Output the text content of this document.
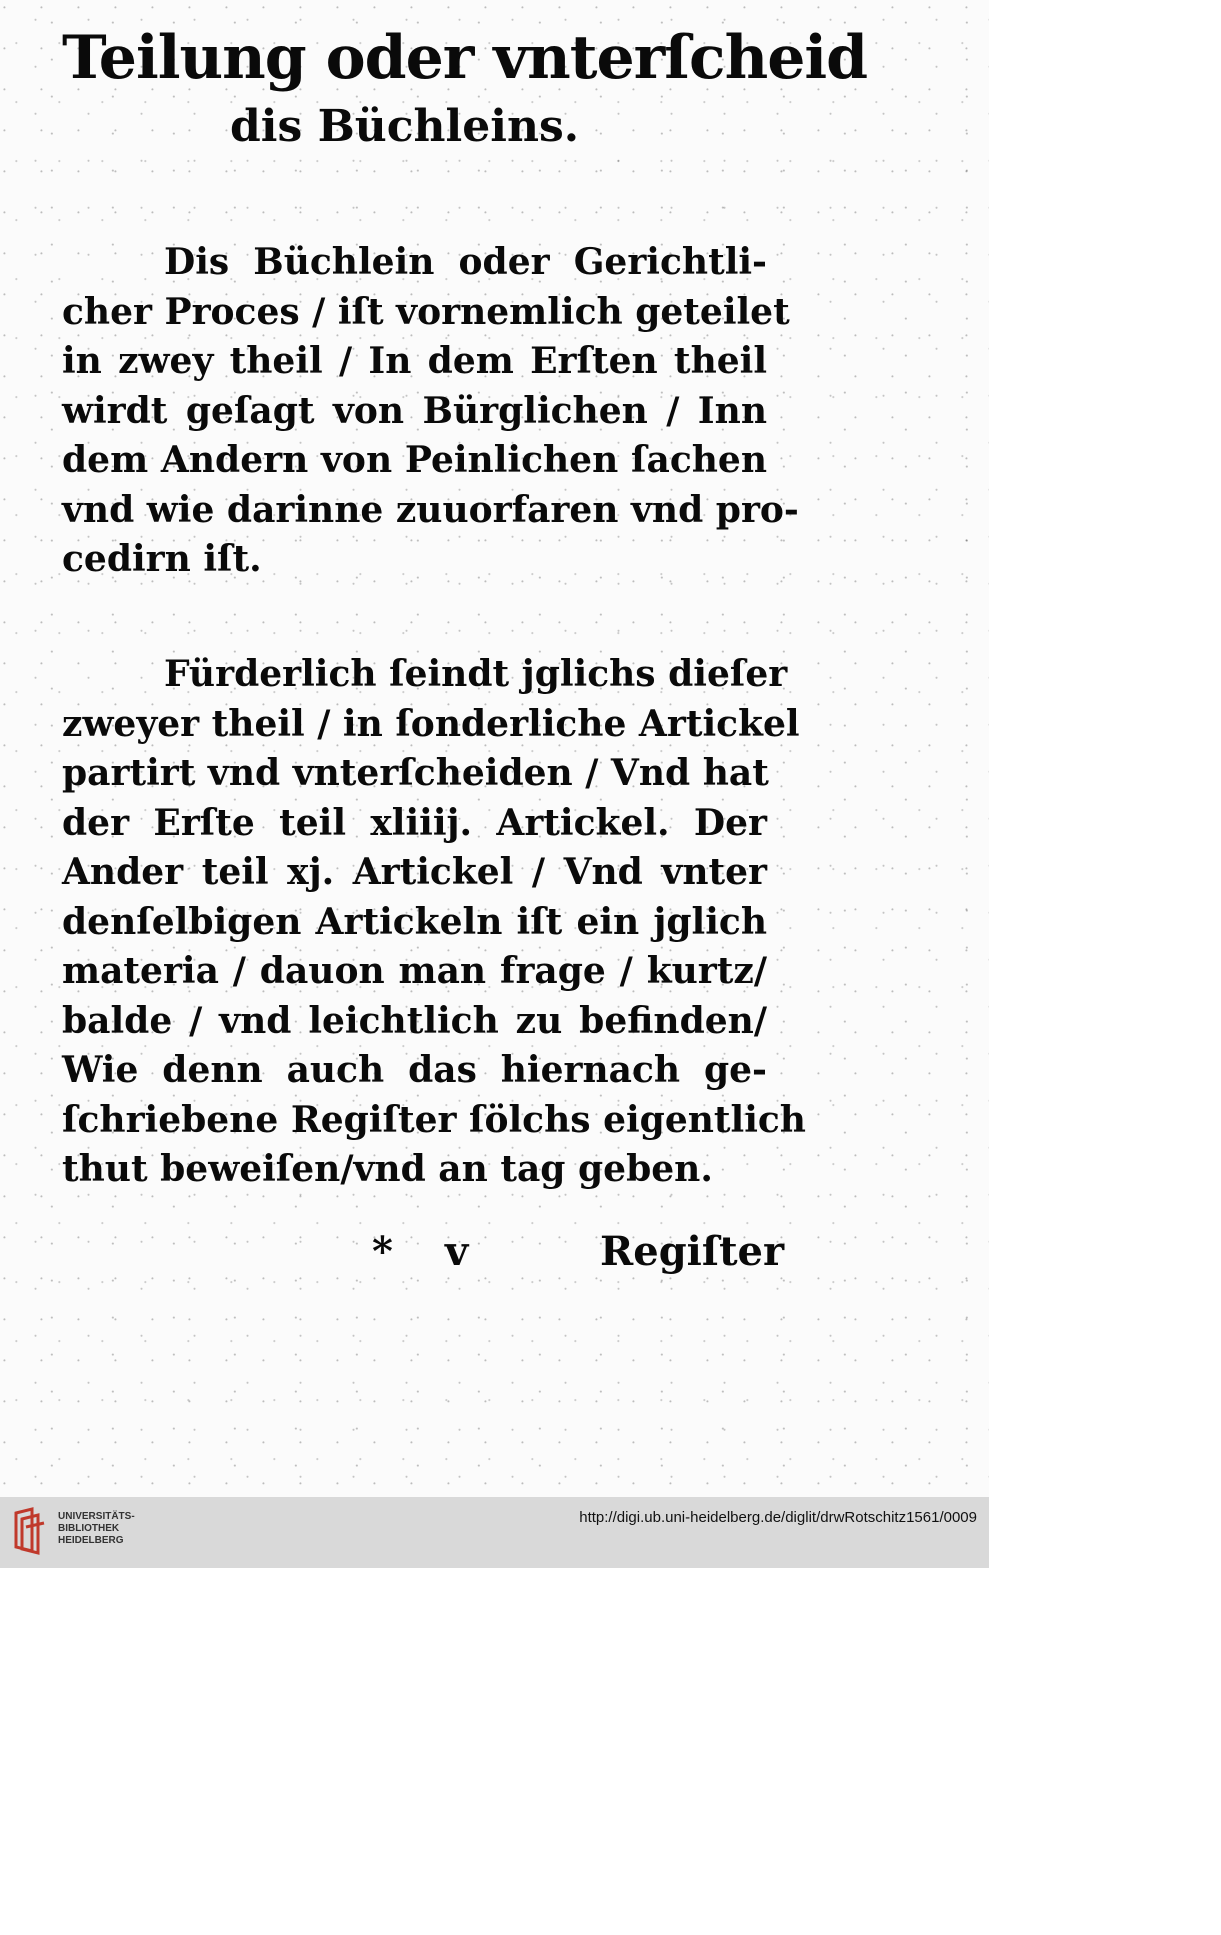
Teilung oder vnterſcheid
dis Büchleins.
Dis Büchlein oder Gerichtli-
cher Proces / iſt vornemlich geteilet
in zwey theil / In dem Erſten theil
wirdt geſagt von Bürglichen / Inn
dem Andern von Peinlichen ſachen
vnd wie darinne zuuorfaren vnd pro-
cedirn iſt.
Fürderlich ſeindt jglichs dieſer
zweyer theil / in ſonderliche Artickel
partirt vnd vnterſcheiden / Vnd hat
der Erſte teil xliiij. Artickel. Der
Ander teil xj. Artickel / Vnd vnter
denſelbigen Artickeln iſt ein jglich
materia / dauon man frage / kurtz/
balde / vnd leichtlich zu befinden/
Wie denn auch das hiernach ge-
ſchriebene Regiſter ſölchs eigentlich
thut beweiſen/vnd an tag geben.
* v	Regiſter
UNIVERSITÄTS-
BIBLIOTHEK
HEIDELBERG
http://digi.ub.uni-heidelberg.de/diglit/drwRotschitz1561/0009
